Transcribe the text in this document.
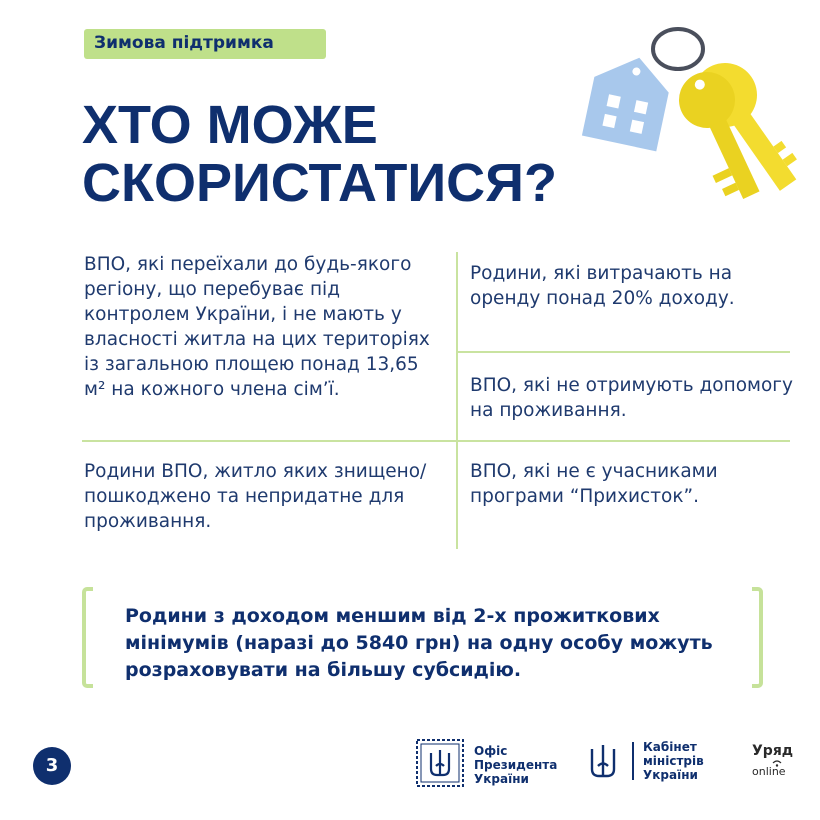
Зимова підтримка
ХТО МОЖЕ
СКОРИСТАТИСЯ?

ВПО, які переїхали до будь-якого регіону, що перебуває під контролем України, і не мають у власності житла на цих територіях із загальною площею понад 13,65 м² на кожного члена сім’ї.

Родини, які витрачають на оренду понад 20% доходу.

ВПО, які не отримують допомогу на проживання.

Родини ВПО, житло яких знищено/ пошкоджено та непридатне для проживання.

ВПО, які не є учасниками програми “Прихисток”.

Родини з доходом меншим від 2-х прожиткових мінімумів (наразі до 5840 грн) на одну особу можуть розраховувати на більшу субсидію.

3
Офіс
Президента
України
Кабінет
міністрів
України
Уряд
online
